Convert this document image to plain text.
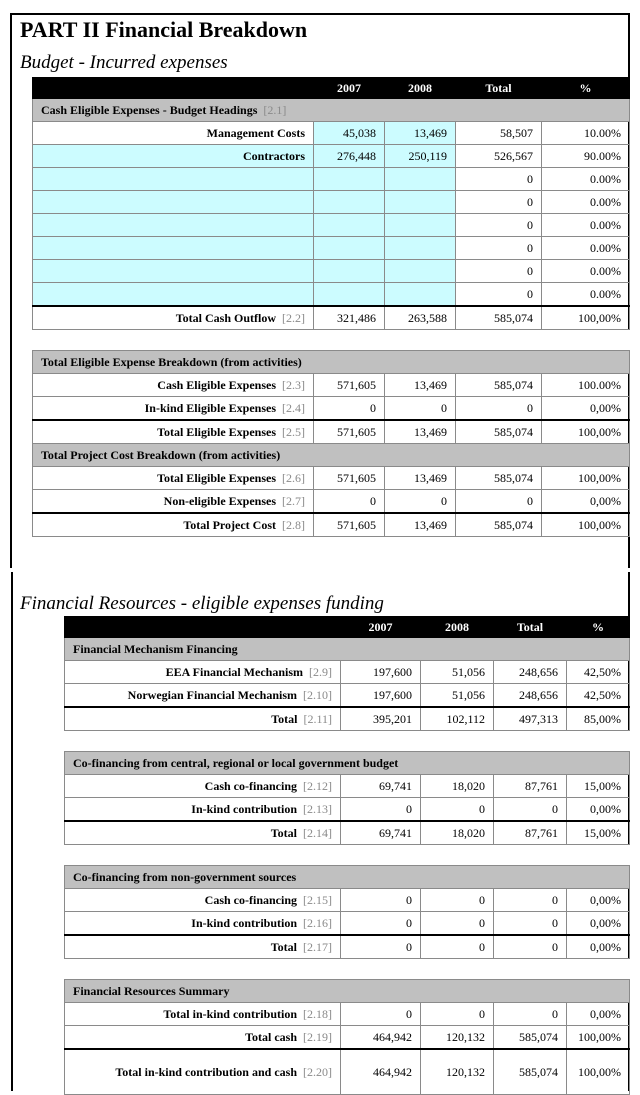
PART II Financial Breakdown
Budget - Incurred expenses
	2007	2008	Total	%
Cash Eligible Expenses - Budget Headings [2.1]				
Management Costs	45,038	13,469	58,507	10.00%
Contractors	276,448	250,119	526,567	90.00%
			0	0.00%
			0	0.00%
			0	0.00%
			0	0.00%
			0	0.00%
			0	0.00%
Total Cash Outflow [2.2]	321,486	263,588	585,074	100,00%

Total Eligible Expense Breakdown (from activities)				
Cash Eligible Expenses [2.3]	571,605	13,469	585,074	100.00%
In-kind Eligible Expenses [2.4]	0	0	0	0,00%
Total Eligible Expenses [2.5]	571,605	13,469	585,074	100,00%
Total Project Cost Breakdown (from activities)				
Total Eligible Expenses [2.6]	571,605	13,469	585,074	100,00%
Non-eligible Expenses [2.7]	0	0	0	0,00%
Total Project Cost [2.8]	571,605	13,469	585,074	100,00%
Financial Resources - eligible expenses funding
	2007	2008	Total	%
Financial Mechanism Financing				
EEA Financial Mechanism [2.9]	197,600	51,056	248,656	42,50%
Norwegian Financial Mechanism [2.10]	197,600	51,056	248,656	42,50%
Total [2.11]	395,201	102,112	497,313	85,00%

Co-financing from central, regional or local government budget				
Cash co-financing [2.12]	69,741	18,020	87,761	15,00%
In-kind contribution [2.13]	0	0	0	0,00%
Total [2.14]	69,741	18,020	87,761	15,00%

Co-financing from non-government sources				
Cash co-financing [2.15]	0	0	0	0,00%
In-kind contribution [2.16]	0	0	0	0,00%
Total [2.17]	0	0	0	0,00%

Financial Resources Summary				
Total in-kind contribution [2.18]	0	0	0	0,00%
Total cash [2.19]	464,942	120,132	585,074	100,00%
Total in-kind contribution and cash [2.20]	464,942	120,132	585,074	100,00%
